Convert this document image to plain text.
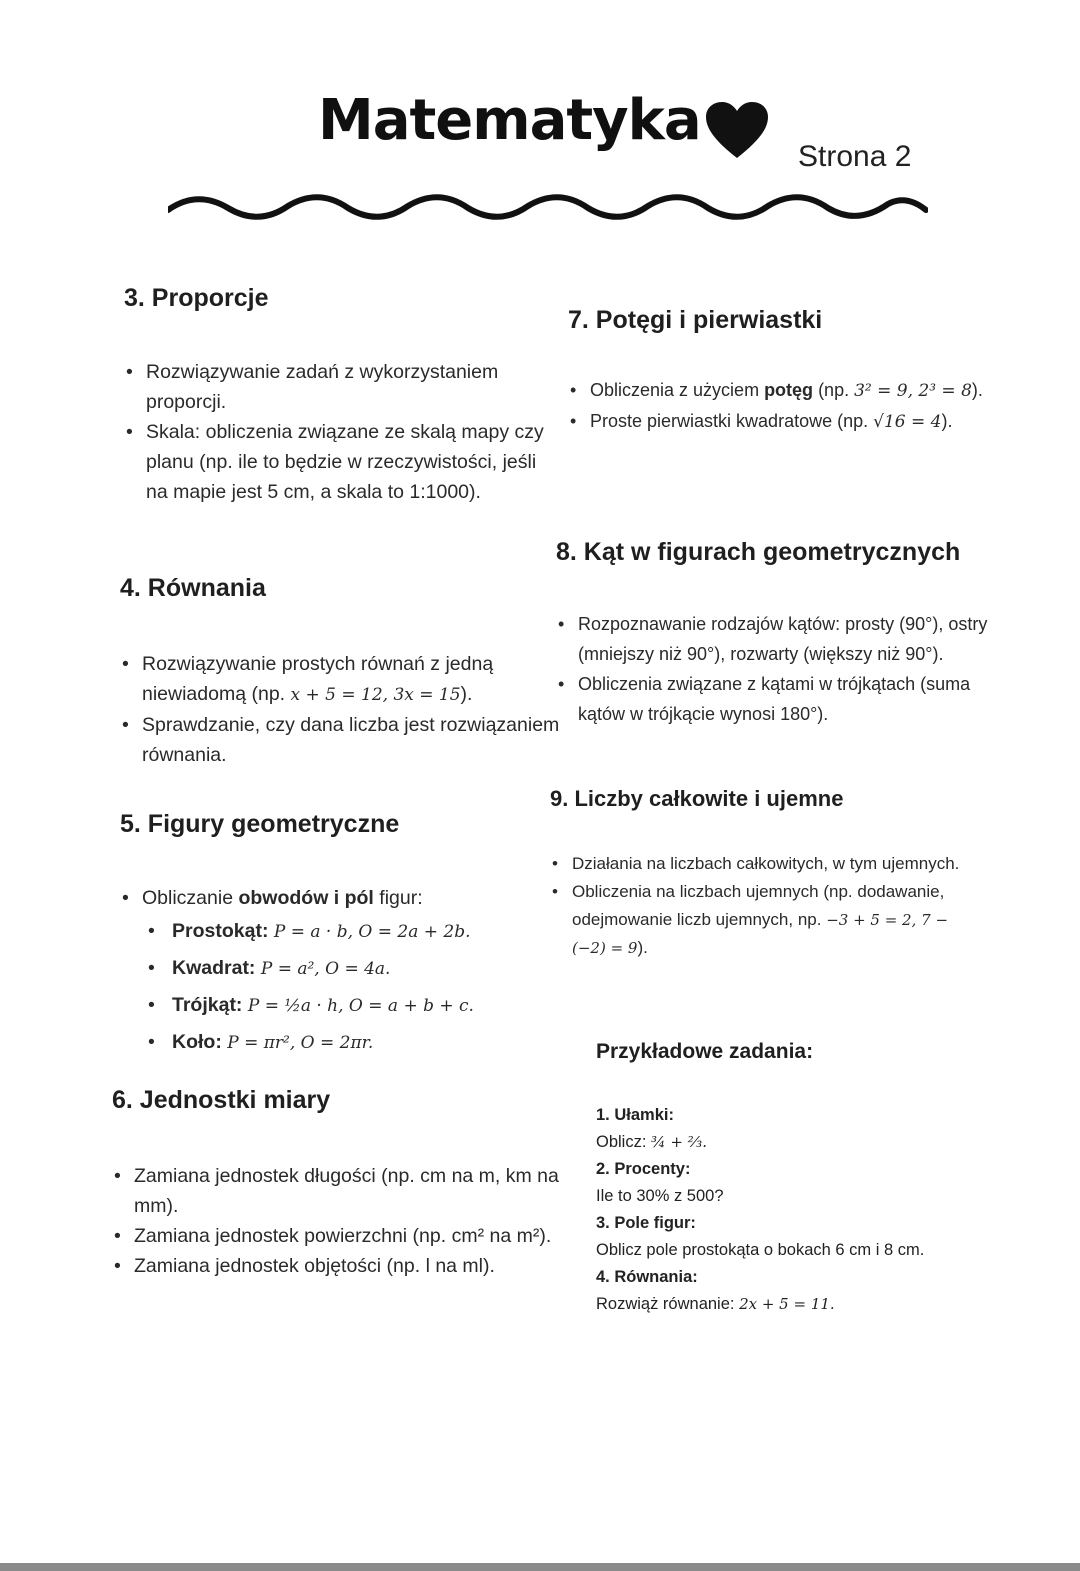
Matematyka
Strona 2
3. Proporcje
• Rozwiązywanie zadań z wykorzystaniem proporcji.
• Skala: obliczenia związane ze skalą mapy czy planu (np. ile to będzie w rzeczywistości, jeśli na mapie jest 5 cm, a skala to 1:1000).
4. Równania
• Rozwiązywanie prostych równań z jedną niewiadomą (np. x + 5 = 12, 3x = 15).
• Sprawdzanie, czy dana liczba jest rozwiązaniem równania.
5. Figury geometryczne
• Obliczanie obwodów i pól figur:
• Prostokąt: P = a · b, O = 2a + 2b.
• Kwadrat: P = a², O = 4a.
• Trójkąt: P = ½a · h, O = a + b + c.
• Koło: P = πr², O = 2πr.
6. Jednostki miary
• Zamiana jednostek długości (np. cm na m, km na mm).
• Zamiana jednostek powierzchni (np. cm² na m²).
• Zamiana jednostek objętości (np. l na ml).
7. Potęgi i pierwiastki
• Obliczenia z użyciem potęg (np. 3² = 9, 2³ = 8).
• Proste pierwiastki kwadratowe (np. √16 = 4).
8. Kąt w figurach geometrycznych
• Rozpoznawanie rodzajów kątów: prosty (90°), ostry (mniejszy niż 90°), rozwarty (większy niż 90°).
• Obliczenia związane z kątami w trójkątach (suma kątów w trójkącie wynosi 180°).
9. Liczby całkowite i ujemne
• Działania na liczbach całkowitych, w tym ujemnych.
• Obliczenia na liczbach ujemnych (np. dodawanie, odejmowanie liczb ujemnych, np. −3 + 5 = 2, 7 − (−2) = 9).
Przykładowe zadania:
1. Ułamki:
Oblicz: ¾ + ⅔.
2. Procenty:
Ile to 30% z 500?
3. Pole figur:
Oblicz pole prostokąta o bokach 6 cm i 8 cm.
4. Równania:
Rozwiąż równanie: 2x + 5 = 11.
